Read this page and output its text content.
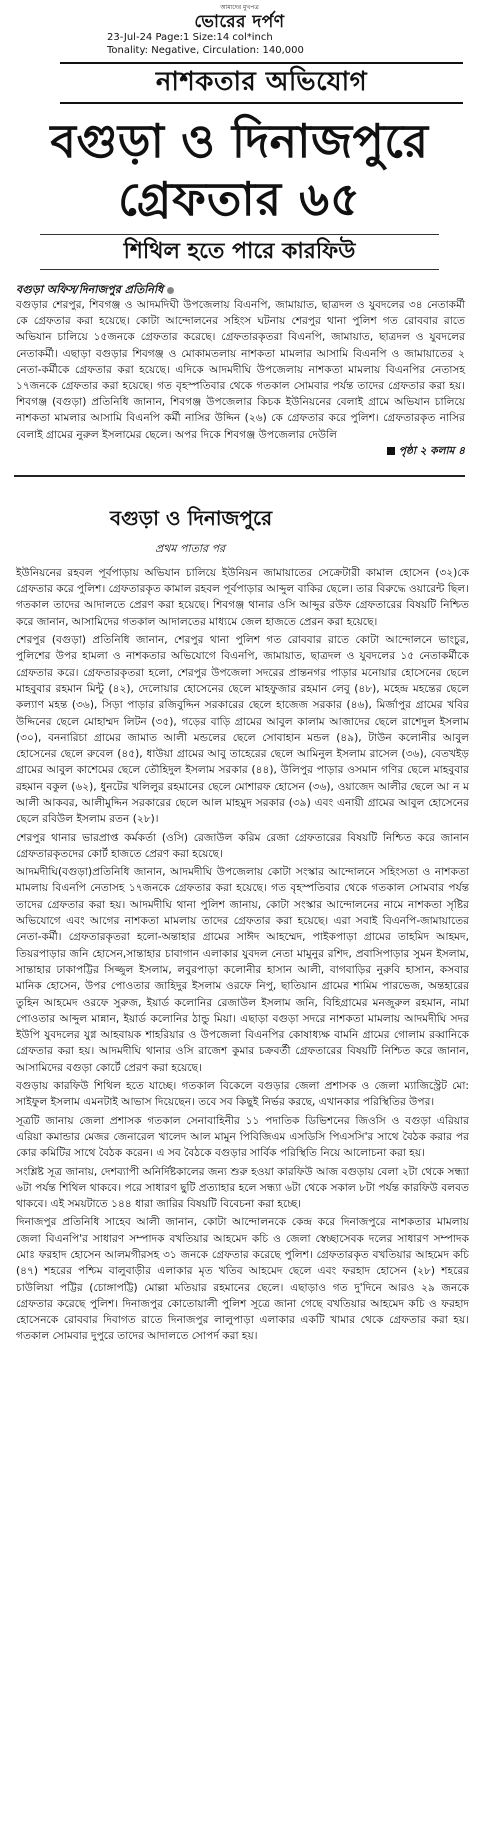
আমাদের মুখপত্র
ভোরের দর্পণ
23-Jul-24 Page:1 Size:14 col*inch
Tonality: Negative, Circulation: 140,000
নাশকতার অভিযোগ
বগুড়া ও দিনাজপুরে
গ্রেফতার ৬৫
শিথিল হতে পারে কারফিউ
বগুড়া অফিস/দিনাজপুর প্রতিনিধি

বগুড়ার শেরপুর, শিবগঞ্জ ও আদমদিঘী উপজেলায় বিএনপি, জামায়াত, ছাত্রদল ও যুবদলের ৩৪ নেতাকর্মী কে গ্রেফতার করা হয়েছে। কোটা আন্দোলনের সহিংস ঘটনায় শেরপুর থানা পুলিশ গত রোববার রাতে অভিযান চালিয়ে ১৫জনকে গ্রেফতার করেছে। গ্রেফতারকৃতরা বিএনপি, জামায়াত, ছাত্রদল ও যুবদলের নেতাকর্মী। এছাড়া বগুড়ার শিবগঞ্জ ও মোকামতলায় নাশকতা মামলার আসামি বিএনপি ও জামায়াতের ২ নেতা-কর্মীকে গ্রেফতার করা হয়েছে। এদিকে আদমদীঘি উপজেলায় নাশকতা মামলায় বিএনপির নেতাসহ ১৭জনকে গ্রেফতার করা হয়েছে। গত বৃহস্পতিবার থেকে গতকাল সোমবার পর্যন্ত তাদের গ্রেফতার করা হয়। শিবগঞ্জ (বগুড়া) প্রতিনিধি জানান, শিবগঞ্জ উপজেলার কিচক ইউনিয়নের বেলাই গ্রামে অভিযান চালিয়ে নাশকতা মামলার আসামি বিএনপি কর্মী নাসির উদ্দিন (২৬) কে গ্রেফতার করে পুলিশ। গ্রেফতারকৃত নাসির বেলাই গ্রামের নুরুল ইসলামের ছেলে। অপর দিকে শিবগঞ্জ উপজেলার দেউলি

পৃষ্ঠা ২ কলাম ৪
বগুড়া ও দিনাজপুরে
প্রথম পাতার পর

ইউনিয়নের রহবল পূর্বপাড়ায় অভিযান চালিয়ে ইউনিয়ন জামায়াতের সেক্রেটারী কামাল হোসেন (৩২)কে গ্রেফতার করে পুলিশ। গ্রেফতারকৃত কামাল রহবল পূর্বপাড়ার আব্দুল বাকির ছেলে। তার বিরুদ্ধে ওয়ারেন্ট ছিল। গতকাল তাদের আদালতে প্রেরণ করা হয়েছে। শিবগঞ্জ থানার ওসি আব্দুর রউফ গ্রেফতারের বিষয়টি নিশ্চিত করে জানান, আসামিদের গতকাল আদালতের মাধ্যমে জেল হাজতে প্রেরন করা হয়েছে।

শেরপুর (বগুড়া) প্রতিনিধি জানান, শেরপুর থানা পুলিশ গত রোববার রাতে কোটা আন্দোলনে ভাংচুর, পুলিশের উপর হামলা ও নাশকতার অভিযোগে বিএনপি, জামায়াত, ছাত্রদল ও যুবদলের ১৫ নেতাকর্মীকে গ্রেফতার করে। গ্রেফতারকৃতরা হলো, শেরপুর উপজেলা সদরের প্রান্তনগর পাড়ার মনোয়ার হোসেনের ছেলে মাহবুবার রহমান মিন্টু (৪২), দেলোয়ার হোসেনের ছেলে মাহফুজার রহমান লেবু (৪৮), মহেন্দ্র মহন্তের ছেলে কল্যাণ মহন্ত (৩৬), সিড়া পাড়ার রজিবুদ্দিন সরকারের ছেলে হাজেজ সরকার (৪৬), মির্জাপুর গ্রামের খবির উদ্দিনের ছেলে মোহাম্মদ লিটন (৩৫), গড়ের বাড়ি গ্রামের আবুল কালাম আজাদের ছেলে রাশেদুল ইসলাম (৩০), বননারিচা গ্রামের জামাত আলী মন্ডলের ছেলে সোবাহান মন্ডল (৪৯), টাউন কলোনীর আবুল হোসেনের ছেলে রুবেল (৪৫), ধাউয়া গ্রামের আবু তাহেরের ছেলে আমিনুল ইসলাম রাসেল (৩৬), বেতখইড় গ্রামের আবুল কাশেমের ছেলে তৌহিদুল ইসলাম সরকার (৪৪), উলিপুর পাড়ার ওসমান গণির ছেলে মাহবুবার রহমান বকুল (৬২), ধুনটের খলিলুর রহমানের ছেলে মোশারফ হোসেন (৩৬), ওয়াজেদ আলীর ছেলে আ ন ম আলী আকবর, আলীমুদ্দিন সরকারের ছেলে আল মাহমুদ সরকার (৩৯) এবং এনায়ী গ্রামের আবুল হোসেনের ছেলে রবিউল ইসলাম রতন (২৮)।

শেরপুর থানার ভারপ্রাপ্ত কর্মকর্তা (ওসি) রেজাউল করিম রেজা গ্রেফতারের বিষয়টি নিশ্চিত করে জানান গ্রেফতারকৃতদের কোর্ট হাজতে প্রেরণ করা হয়েছে।

আদমদীঘি(বগুড়া)প্রতিনিধি জানান, আদমদীঘি উপজেলায় কোটা সংস্কার আন্দোলনে সহিংসতা ও নাশকতা মামলায় বিএনপি নেতাসহ ১৭জনকে গ্রেফতার করা হয়েছে। গত বৃহস্পতিবার থেকে গতকাল সোমবার পর্যন্ত তাদের গ্রেফতার করা হয়। আদমদীঘি থানা পুলিশ জানায়, কোটা সংস্কার আন্দোলনের নামে নাশকতা সৃষ্টির অভিযোগে এবং আগের নাশকতা মামলায় তাদের গ্রেফতার করা হয়েছে। এরা সবাই বিএনপি-জামায়াতের নেতা-কর্মী। গ্রেফতারকৃতরা হলো-অন্তাহার গ্রামের সাঈদ আহম্মেদ, পাইকপাড়া গ্রামের তাহমিদ আহমদ, তিয়রপাড়ার জনি হোসেন,সান্তাহার চাবাগান এলাকার যুবদল নেতা মামুনুর রশিদ, প্রবাসিপাড়ার সুমন ইসলাম, সান্তাহার ঢাকাপট্টির সিজ্জুল ইসলাম, লবুরপাড়া কলোনীর হাসান আলী, বাগবাড়ির নুরুবি হাসান, কসবার মানিক হোসেন, উপর পোওতার জাহিদুর ইসলাম ওরফে নিপু, ছাতিয়ান গ্রামের শামিম পারভেজ, অন্তহারের তুহিন আহমেদ ওরফে সুরুজ, ইয়ার্ড কলোনির রেজাউল ইসলাম জনি, বিহিগ্রামের মনজুরুল রহমান, নামা পোওতার আব্দুল মান্নান, ইয়ার্ড কলোনির ঠান্ডু মিয়া। এছাড়া বগুড়া সদরে নাশকতা মামলায় আদমদীঘি সদর ইউপি যুবদলের যুগ্ন আহবায়ক শাহরিয়ার ও উপজেলা বিএনপির কোষাধ্যক্ষ বামনি গ্রামের গোলাম রব্বানিকে গ্রেফতার করা হয়। আদমদীঘি থানার ওসি রাজেশ কুমার চক্রবর্তী গ্রেফতারের বিষয়টি নিশ্চিত করে জানান, আসামিদের বগুড়া কোর্টে প্রেরণ করা হয়েছে।

বগুড়ায় কারফিউ শিথিল হতে যাচ্ছে। গতকাল বিকেলে বগুড়ার জেলা প্রশাসক ও জেলা ম্যাজিস্ট্রেট মো: সাইফুল ইসলাম এমনটাই আভাস দিয়েছেন। তবে সব কিছুই নির্ভর করছে, এখানকার পরিস্থিতির উপর।

সূত্রটি জানায় জেলা প্রশাসক গতকাল সেনাবাহিনীর ১১ পদাতিক ডিভিশনের জিওসি ও বগুড়া এরিয়ার এরিয়া কমান্ডার মেজর জেনারেল খালেদ আল মামুন পিবিজিএম এসডিসি পিএসসি'র সাথে বৈঠক করার পর কোর কমিটির সাথে বৈঠক করেন। এ সব বৈঠকে বগুড়ার সার্বিক পরিস্থিতি নিয়ে আলোচনা করা হয়।

সংশ্লিষ্ট সূত্র জানায়, দেশব্যাপী অনির্দিষ্টকালের জন্য শুরু হওয়া কারফিউ আজ বগুড়ায় বেলা ২টা থেকে সন্ধ্যা ৬টা পর্যন্ত শিথিল থাকবে। পরে সাধারণ ছুটি প্রত্যাহার হলে সন্ধ্যা ৬টা থেকে সকাল ৮টা পর্যন্ত কারফিউ বলবত থাকবে। এই সময়টাতে ১৪৪ ধারা জারির বিষয়টি বিবেচনা করা হচ্ছে।

দিনাজপুর প্রতিনিধি সাহেব আলী জানান, কোটা আন্দোলনকে কেন্দ্র করে দিনাজপুরে নাশকতার মামলায় জেলা বিএনপি'র সাধারণ সম্পাদক বখতিয়ার আহমেদ কচি ও জেলা স্বেচ্ছাসেবক দলের সাধারণ সম্পাদক মোঃ ফরহাদ হোসেন আলমগীরসহ ৩১ জনকে গ্রেফতার করেছে পুলিশ। গ্রেফতারকৃত বখতিয়ার আহমেদ কচি (৪৭) শহরের পশ্চিম বালুবাড়ীর এলাকার মৃত খতিব আহমেদ ছেলে এবং ফরহাদ হোসেন (২৮) শহরের চাউলিয়া পট্টির (চোঙ্গাপট্টি) মোল্লা মতিয়ার রহমানের ছেলে। এছাড়াও গত দু'দিনে আরও ২৯ জনকে গ্রেফতার করেছে পুলিশ। দিনাজপুর কোতোয়ালী পুলিশ সূত্রে জানা গেছে বখতিয়ার আহমেদ কচি ও ফরহাদ হোসেনকে রোববার দিবাগত রাতে দিনাজপুর লালুপাড়া এলাকার একটি খামার থেকে গ্রেফতার করা হয়। গতকাল সোমবার দুপুরে তাদের আদালতে সোপর্দ করা হয়।
